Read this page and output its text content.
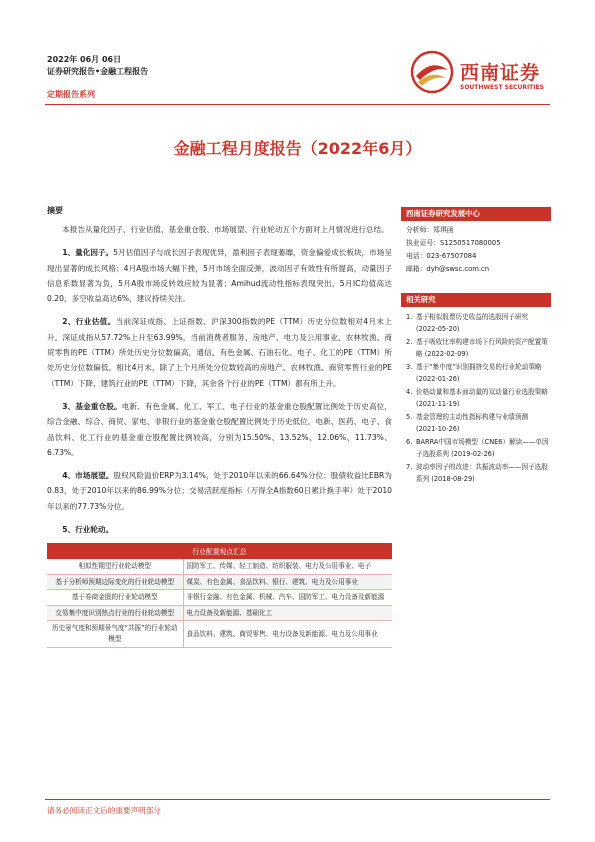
2022年 06月 06日
证券研究报告•金融工程报告
定期报告系列
西南证券
SOUTHWEST SECURITIES
金融工程月度报告（2022年6月）
摘要

本报告从量化因子、行业估值、基金重仓股、市场展望、行业轮动五个方面对上月情况进行总结。

1、量化因子。5月估值因子与成长因子表现优异，盈利因子表现萎靡，资金偏爱成长板块，市场呈现出显著的成长风格；4月A股市场大幅下挫，5月市场全面反弹，波动因子有效性有所提高，动量因子信息系数显著为负，5月A股市场反转效应较为显著；Amihud流动性指标表现突出，5月IC均值高达0.20，多空收益高达6%，建议持续关注。

2、行业估值。当前深证成指、上证指数、沪深300指数的PE（TTM）历史分位数相对4月末上升，深证成指从57.72%上升至63.99%。当前消费者服务、房地产、电力及公用事业、农林牧渔、商贸零售的PE（TTM）所处历史分位数偏高，通信、有色金属、石油石化、电子、化工的PE（TTM）所处历史分位数偏低。相比4月末，除了上个月所处分位数较高的房地产、农林牧渔、商贸零售行业的PE（TTM）下降，建筑行业的PE（TTM）下降，其余各个行业的PE（TTM）都有所上升。

3、基金重仓股。电新、有色金属、化工、军工、电子行业的基金重仓股配置比例处于历史高位，综合金融、综合、商贸、家电、非银行业的基金重仓股配置比例处于历史低位。电新、医药、电子、食品饮料、化工行业的基金重仓股配置比例较高，分别为15.50%、13.52%、12.06%、11.73%、6.73%。

4、市场展望。股权风险溢价ERP为3.14%，处于2010年以来的66.64%分位；股债收益比EBR为0.83，处于2010年以来的86.99%分位；交易活跃度指标（万得全A指数60日累计换手率）处于2010年以来的77.73%分位。

5、行业轮动。
行业配置观点汇总	
相似性期望行业轮动模型	国防军工、传媒、轻工制造、纺织服装、电力及公用事业、电子
基于分析师预期边际变化的行业轮动模型	煤炭、有色金属、食品饮料、银行、建筑、电力及公用事业
基于券商金股的行业轮动模型	非银行金融、有色金属、机械、汽车、国防军工、电力设备及新能源
交易集中度识别热点行业的行业轮动模型	电力设备及新能源、基础化工
历史景气度和预期景气度“共振”的行业轮动模型	食品饮料、建筑、商贸零售、电力设备及新能源、电力及公用事业
西南证券研究发展中心
分析师：郑琪函
执业证号：S1250517080005
电话：023-67507084
邮箱：dyh@swsc.com.cn
相关研究
1. 基于相似股票历史收益的选股因子研究 (2022-05-20)
2. 基于吸收比率构建市场下行风险的资产配置策略 (2022-02-09)
3. 基于“集中度”识别拥挤交易的行业轮动策略 (2022-01-26)
4. 价格动量和基本面动量的双动量行业选股策略 (2021-11-19)
5. 基金管理的主动性指标构建与业绩预测 (2021-10-26)
6. BARRA中国市场模型（CNE6）解读——单因子选股系列 (2019-02-26)
7. 波动率因子的改进：共振波动率——因子选股系列 (2018-08-29)
请务必阅读正文后的重要声明部分
